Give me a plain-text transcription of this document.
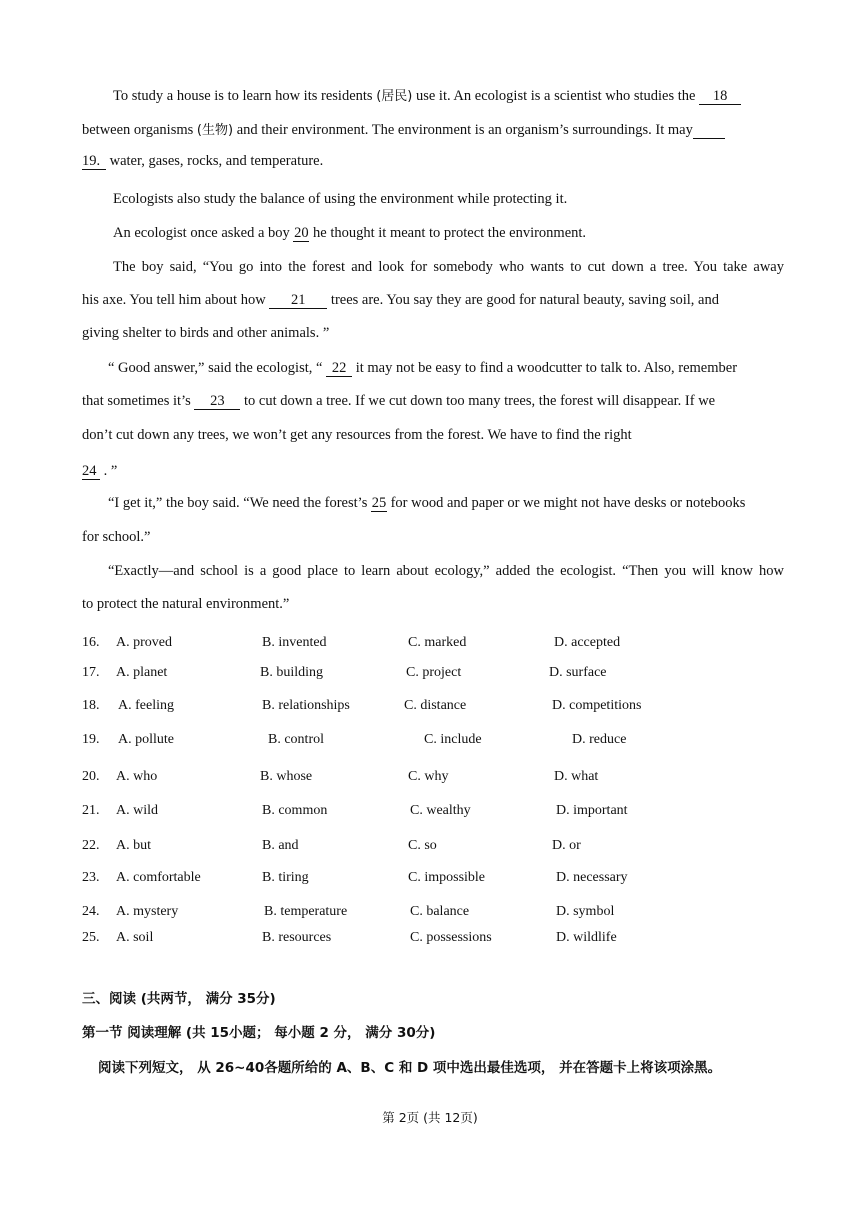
To study a house is to learn how its residents (居民) use it. An ecologist is a scientist who studies the 18
between organisms (生物) and their environment. The environment is an organism’s surroundings. It may
19. water, gases, rocks, and temperature.
Ecologists also study the balance of using the environment while protecting it.
An ecologist once asked a boy 20 he thought it meant to protect the environment.
The boy said, “You go into the forest and look for somebody who wants to cut down a tree. You take away
his axe. You tell him about how 21 trees are. You say they are good for natural beauty, saving soil, and
giving shelter to birds and other animals. ”
“ Good answer,” said the ecologist, “ 22 it may not be easy to find a woodcutter to talk to. Also, remember
that sometimes it’s 23 to cut down a tree. If we cut down too many trees, the forest will disappear. If we
don’t cut down any trees, we won’t get any resources from the forest. We have to find the right
24 . ”
“I get it,” the boy said. “We need the forest’s 25 for wood and paper or we might not have desks or notebooks
for school.”
“Exactly—and school is a good place to learn about ecology,” added the ecologist. “Then you will know how
to protect the natural environment.”
16. A. proved	B. invented	C. marked	D. accepted
17. A. planet	B. building	C. project	D. surface
18. A. feeling	B. relationships	C. distance	D. competitions
19. A. pollute	B. control	C. include	D. reduce
20. A. who	B. whose	C. why	D. what
21. A. wild	B. common	C. wealthy	D. important
22. A. but	B. and	C. so	D. or
23. A. comfortable	B. tiring	C. impossible	D. necessary
24. A. mystery	B. temperature	C. balance	D. symbol
25. A. soil	B. resources	C. possessions	D. wildlife
三、阅读 (共两节， 满分 35分)
第一节 阅读理解 (共 15小题； 每小题 2 分， 满分 30分)
阅读下列短文， 从 26~40各题所给的 A、B、C 和 D 项中选出最佳选项， 并在答题卡上将该项涂黑。
第 2页 (共 12页)
